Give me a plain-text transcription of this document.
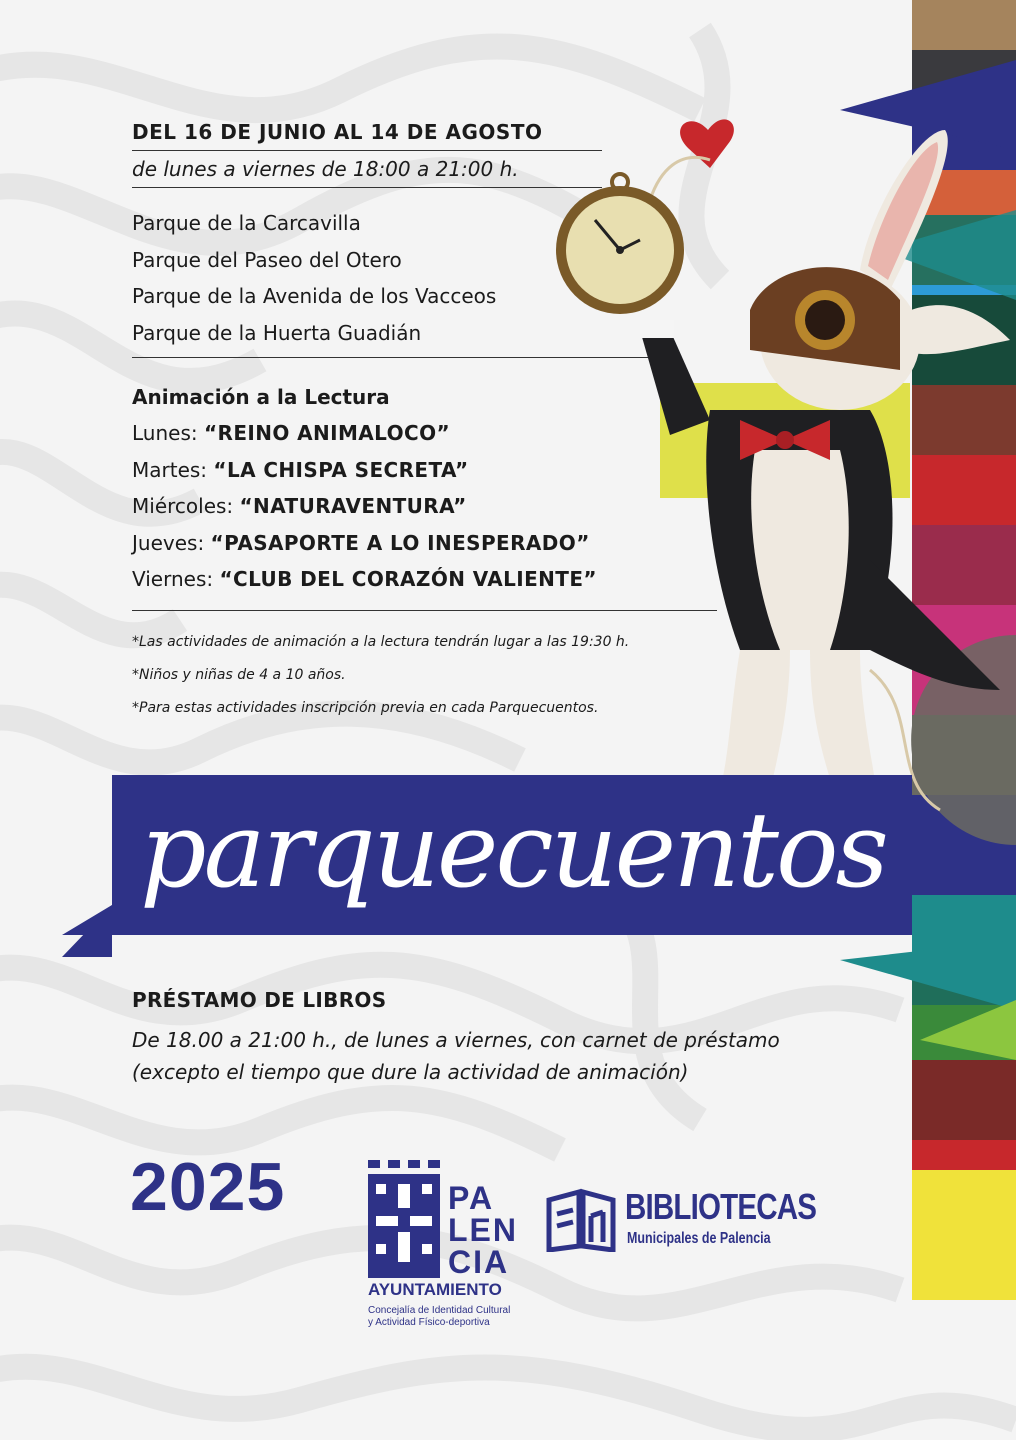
DEL 16 DE JUNIO AL 14 DE AGOSTO

de lunes a viernes de 18:00 a 21:00 h.

Parque de la Carcavilla

Parque del Paseo del Otero

Parque de la Avenida de los Vacceos

Parque de la Huerta Guadián

Animación a la Lectura

Lunes: “REINO ANIMALOCO”

Martes: “LA CHISPA SECRETA”

Miércoles: “NATURAVENTURA”

Jueves: “PASAPORTE A LO INESPERADO”

Viernes: “CLUB DEL CORAZÓN VALIENTE”

*Las actividades de animación a la lectura tendrán lugar a las 19:30 h.

*Niños y niñas de 4 a 10 años.

*Para estas actividades inscripción previa en cada Parquecuentos.

parquecuentos
PRÉSTAMO DE LIBROS

De 18.00 a 21:00 h., de lunes a viernes, con carnet de préstamo

(excepto el tiempo que dure la actividad de animación)

2025	PA
LEN
CIA
AYUNTAMIENTO
Concejalía de Identidad Cultural
y Actividad Físico-deportiva
BIBLIOTECAS
Municipales de Palencia
